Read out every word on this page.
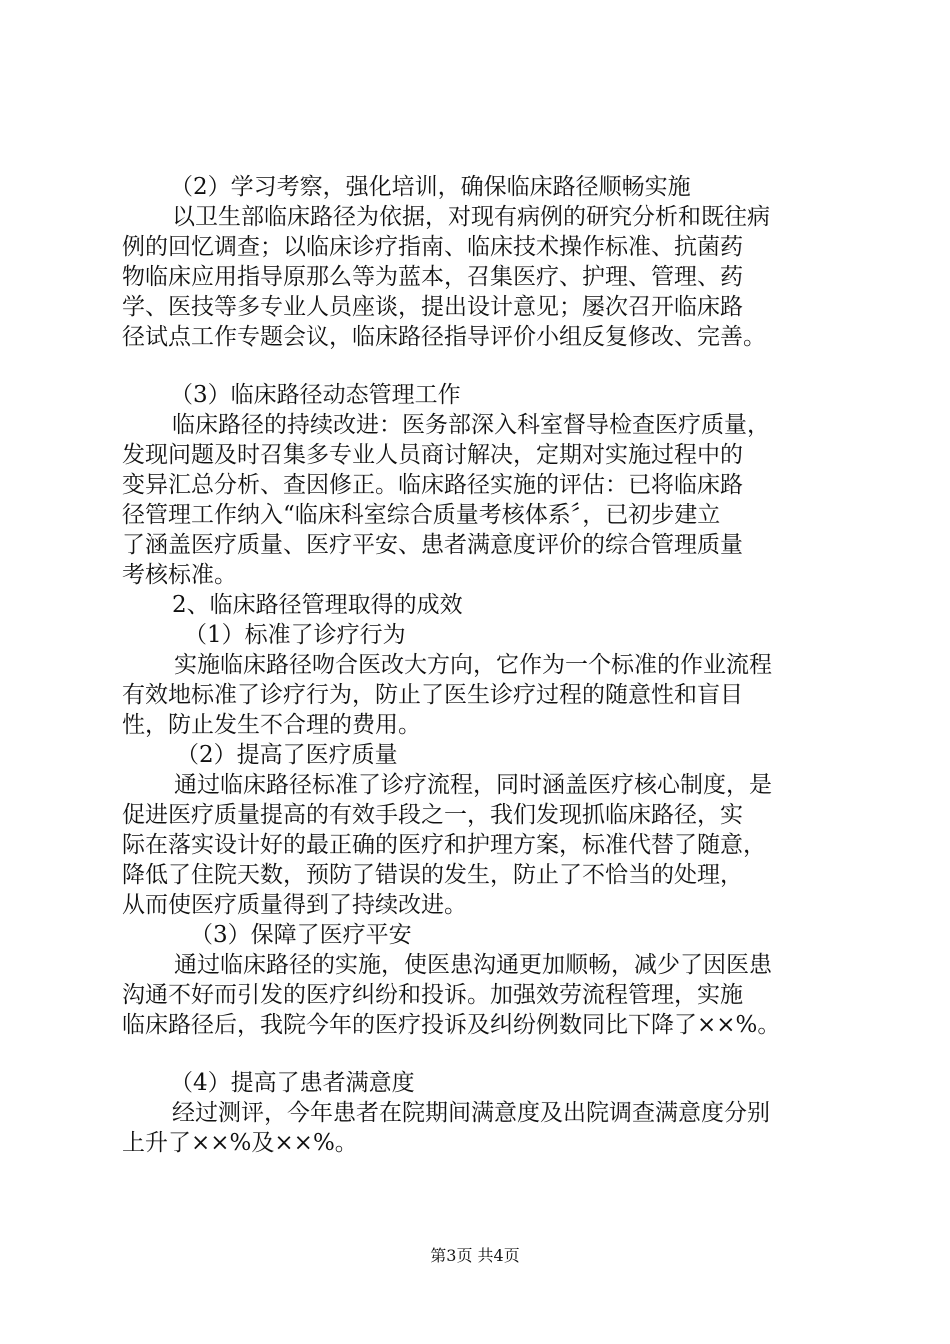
（2）学习考察，强化培训，确保临床路径顺畅实施
以卫生部临床路径为依据，对现有病例的研究分析和既往病
例的回忆调查；以临床诊疗指南、临床技术操作标准、抗菌药
物临床应用指导原那么等为蓝本，召集医疗、护理、管理、药
学、医技等多专业人员座谈，提出设计意见；屡次召开临床路
径试点工作专题会议，临床路径指导评价小组反复修改、完善。
（3）临床路径动态管理工作
临床路径的持续改进：医务部深入科室督导检查医疗质量，
发现问题及时召集多专业人员商讨解决，定期对实施过程中的
变异汇总分析、查因修正。临床路径实施的评估：已将临床路
径管理工作纳入“临床科室综合质量考核体系〞，已初步建立
了涵盖医疗质量、医疗平安、患者满意度评价的综合管理质量
考核标准。
2、临床路径管理取得的成效
（1）标准了诊疗行为
实施临床路径吻合医改大方向，它作为一个标准的作业流程
有效地标准了诊疗行为，防止了医生诊疗过程的随意性和盲目
性，防止发生不合理的费用。
（2）提高了医疗质量
通过临床路径标准了诊疗流程，同时涵盖医疗核心制度，是
促进医疗质量提高的有效手段之一，我们发现抓临床路径，实
际在落实设计好的最正确的医疗和护理方案，标准代替了随意，
降低了住院天数，预防了错误的发生，防止了不恰当的处理，
从而使医疗质量得到了持续改进。
（3）保障了医疗平安
通过临床路径的实施，使医患沟通更加顺畅，减少了因医患
沟通不好而引发的医疗纠纷和投诉。加强效劳流程管理，实施
临床路径后，我院今年的医疗投诉及纠纷例数同比下降了××%。
（4）提高了患者满意度
经过测评，今年患者在院期间满意度及出院调查满意度分别
上升了××%及××%。
第3页 共4页
